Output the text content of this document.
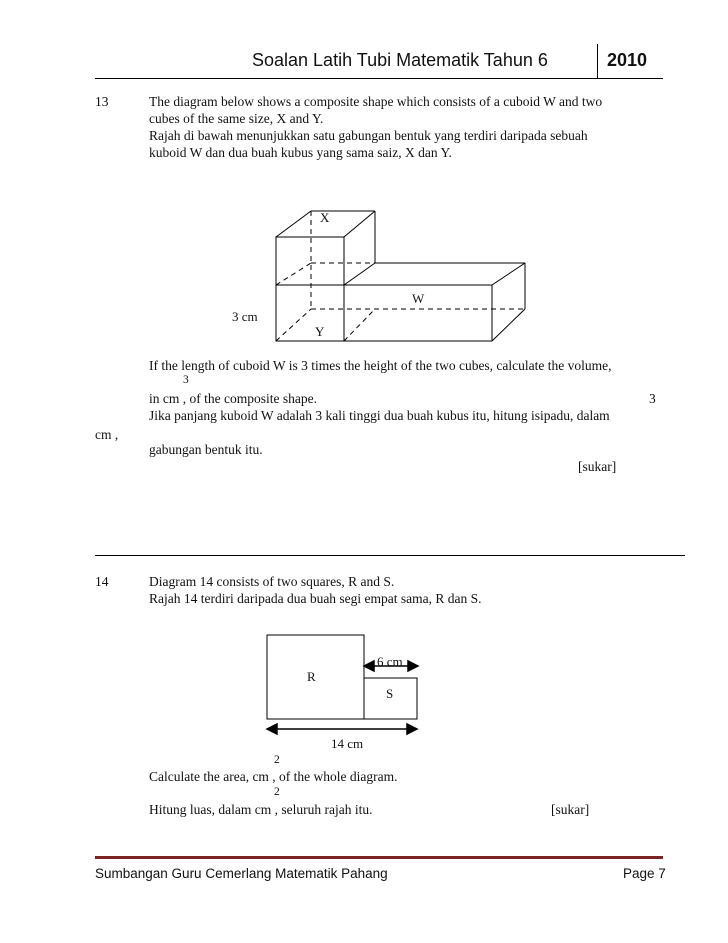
Soalan Latih Tubi Matematik Tahun 6	2010
13	The diagram below shows a composite shape which consists of a cuboid W and two
cubes of the same size, X and Y.
Rajah di bawah menunjukkan satu gabungan bentuk yang terdiri daripada sebuah
kuboid W dan dua buah kubus yang sama saiz, X dan Y.
X
W
Y
3 cm
If the length of cuboid W is 3 times the height of the two cubes, calculate the volume,
3
in cm , of the composite shape.	3
Jika panjang kuboid W adalah 3 kali tinggi dua buah kubus itu, hitung isipadu, dalam
cm ,
gabungan bentuk itu.
[sukar]
14	Diagram 14 consists of two squares, R and S.
Rajah 14 terdiri daripada dua buah segi empat sama, R dan S.
R
S
6 cm
14 cm
2
Calculate the area, cm , of the whole diagram.
2
Hitung luas, dalam cm , seluruh rajah itu.	[sukar]
Sumbangan Guru Cemerlang Matematik Pahang	Page 7
